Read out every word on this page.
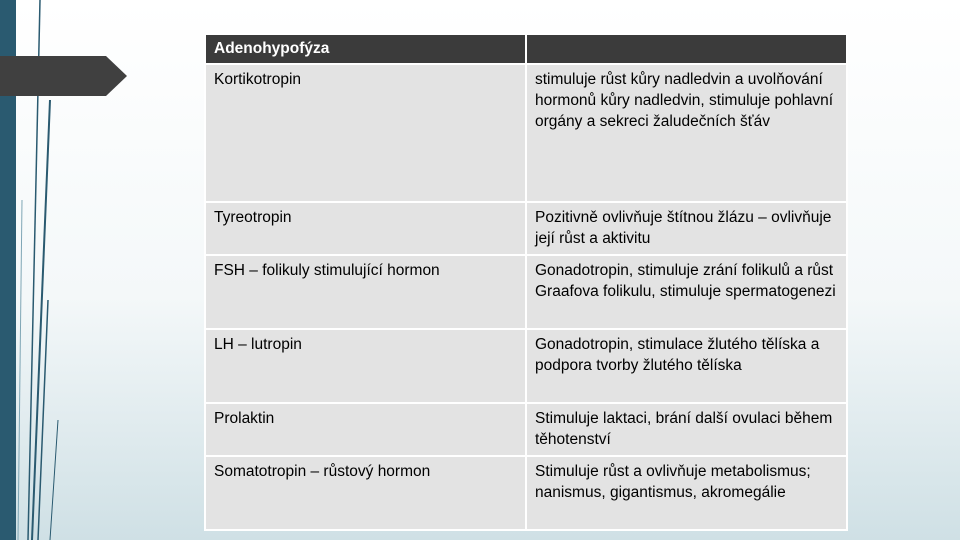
Adenohypofýza	
Kortikotropin	stimuluje růst kůry nadledvin a uvolňování hormonů kůry nadledvin, stimuluje pohlavní orgány a sekreci žaludečních šťáv
Tyreotropin	Pozitivně ovlivňuje štítnou žlázu – ovlivňuje její růst a aktivitu
FSH – folikuly stimulující hormon	Gonadotropin, stimuluje zrání folikulů a růst Graafova folikulu, stimuluje spermatogenezi
LH – lutropin	Gonadotropin, stimulace žlutého tělíska a podpora tvorby žlutého tělíska
Prolaktin	Stimuluje laktaci, brání další ovulaci během těhotenství
Somatotropin – růstový hormon	Stimuluje růst a ovlivňuje metabolismus; nanismus, gigantismus, akromegálie
